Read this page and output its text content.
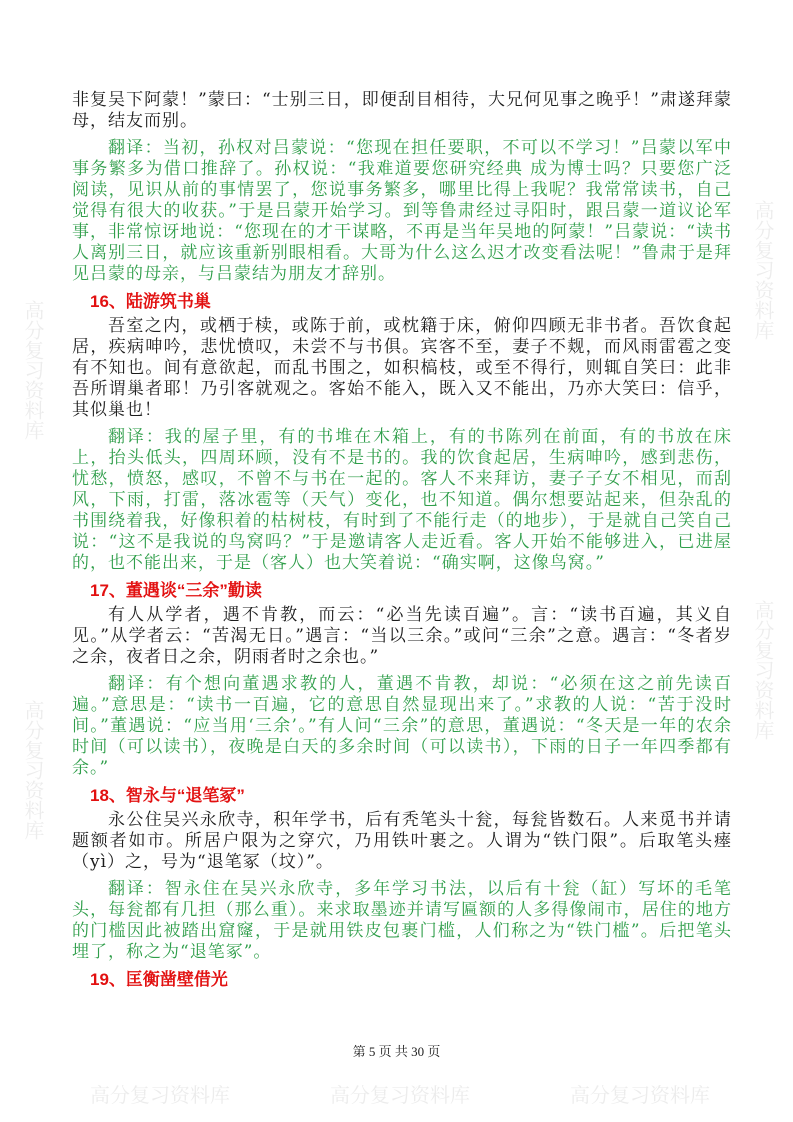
高分复习资料库
高分复习资料库
高分复习资料库
高分复习资料库
高分复习资料库	高分复习资料库	高分复习资料库

非复吴下阿蒙！”蒙曰：“士别三日，即便刮目相待，大兄何见事之晚乎！”肃遂拜蒙母，结友而别。

翻译：当初，孙权对吕蒙说：“您现在担任要职，不可以不学习！”吕蒙以军中事务繁多为借口推辞了。孙权说：“我难道要您研究经典 成为博士吗？只要您广泛阅读，见识从前的事情罢了，您说事务繁多，哪里比得上我呢？我常常读书，自己觉得有很大的收获。”于是吕蒙开始学习。到等鲁肃经过寻阳时，跟吕蒙一道议论军事，非常惊讶地说：“您现在的才干谋略，不再是当年吴地的阿蒙！”吕蒙说：“读书人离别三日，就应该重新别眼相看。大哥为什么这么迟才改变看法呢！”鲁肃于是拜见吕蒙的母亲，与吕蒙结为朋友才辞别。

16、陆游筑书巢

吾室之内，或栖于椟，或陈于前，或枕籍于床，俯仰四顾无非书者。吾饮食起居，疾病呻吟，悲忧愤叹，未尝不与书俱。宾客不至，妻子不觌，而风雨雷雹之变有不知也。间有意欲起，而乱书围之，如积槁枝，或至不得行，则辄自笑曰：此非吾所谓巢者耶！乃引客就观之。客始不能入，既入又不能出，乃亦大笑曰：信乎，其似巢也！

翻译：我的屋子里，有的书堆在木箱上，有的书陈列在前面，有的书放在床上，抬头低头，四周环顾，没有不是书的。我的饮食起居，生病呻吟，感到悲伤，忧愁，愤怒，感叹，不曾不与书在一起的。客人不来拜访，妻子子女不相见，而刮风，下雨，打雷，落冰雹等（天气）变化，也不知道。偶尔想要站起来，但杂乱的书围绕着我，好像积着的枯树枝，有时到了不能行走（的地步），于是就自己笑自己说：“这不是我说的鸟窝吗？”于是邀请客人走近看。客人开始不能够进入，已进屋的，也不能出来，于是（客人）也大笑着说：“确实啊，这像鸟窝。”

17、董遇谈“三余”勤读

有人从学者，遇不肯教，而云：“必当先读百遍”。言：“读书百遍，其义自见。”从学者云：“苦渴无日。”遇言：“当以三余。”或问“三余”之意。遇言：“冬者岁之余，夜者日之余，阴雨者时之余也。”

翻译：有个想向董遇求教的人，董遇不肯教，却说：“必须在这之前先读百遍。”意思是：“读书一百遍，它的意思自然显现出来了。”求教的人说：“苦于没时间。”董遇说：“应当用‘三余’。”有人问“三余”的意思，董遇说：“冬天是一年的农余时间（可以读书），夜晚是白天的多余时间（可以读书），下雨的日子一年四季都有余。”

18、智永与“退笔冢”

永公住吴兴永欣寺，积年学书，后有秃笔头十瓮，每瓮皆数石。人来觅书并请题额者如市。所居户限为之穿穴，乃用铁叶裹之。人谓为“铁门限”。后取笔头瘗（yì）之，号为“退笔冢（坟）”。

翻译：智永住在吴兴永欣寺，多年学习书法，以后有十瓮（缸）写坏的毛笔头，每瓮都有几担（那么重）。来求取墨迹并请写匾额的人多得像闹市，居住的地方的门槛因此被踏出窟窿，于是就用铁皮包裹门槛，人们称之为“铁门槛”。后把笔头埋了，称之为“退笔冢”。

19、匡衡凿壁借光
第 5 页 共 30 页
